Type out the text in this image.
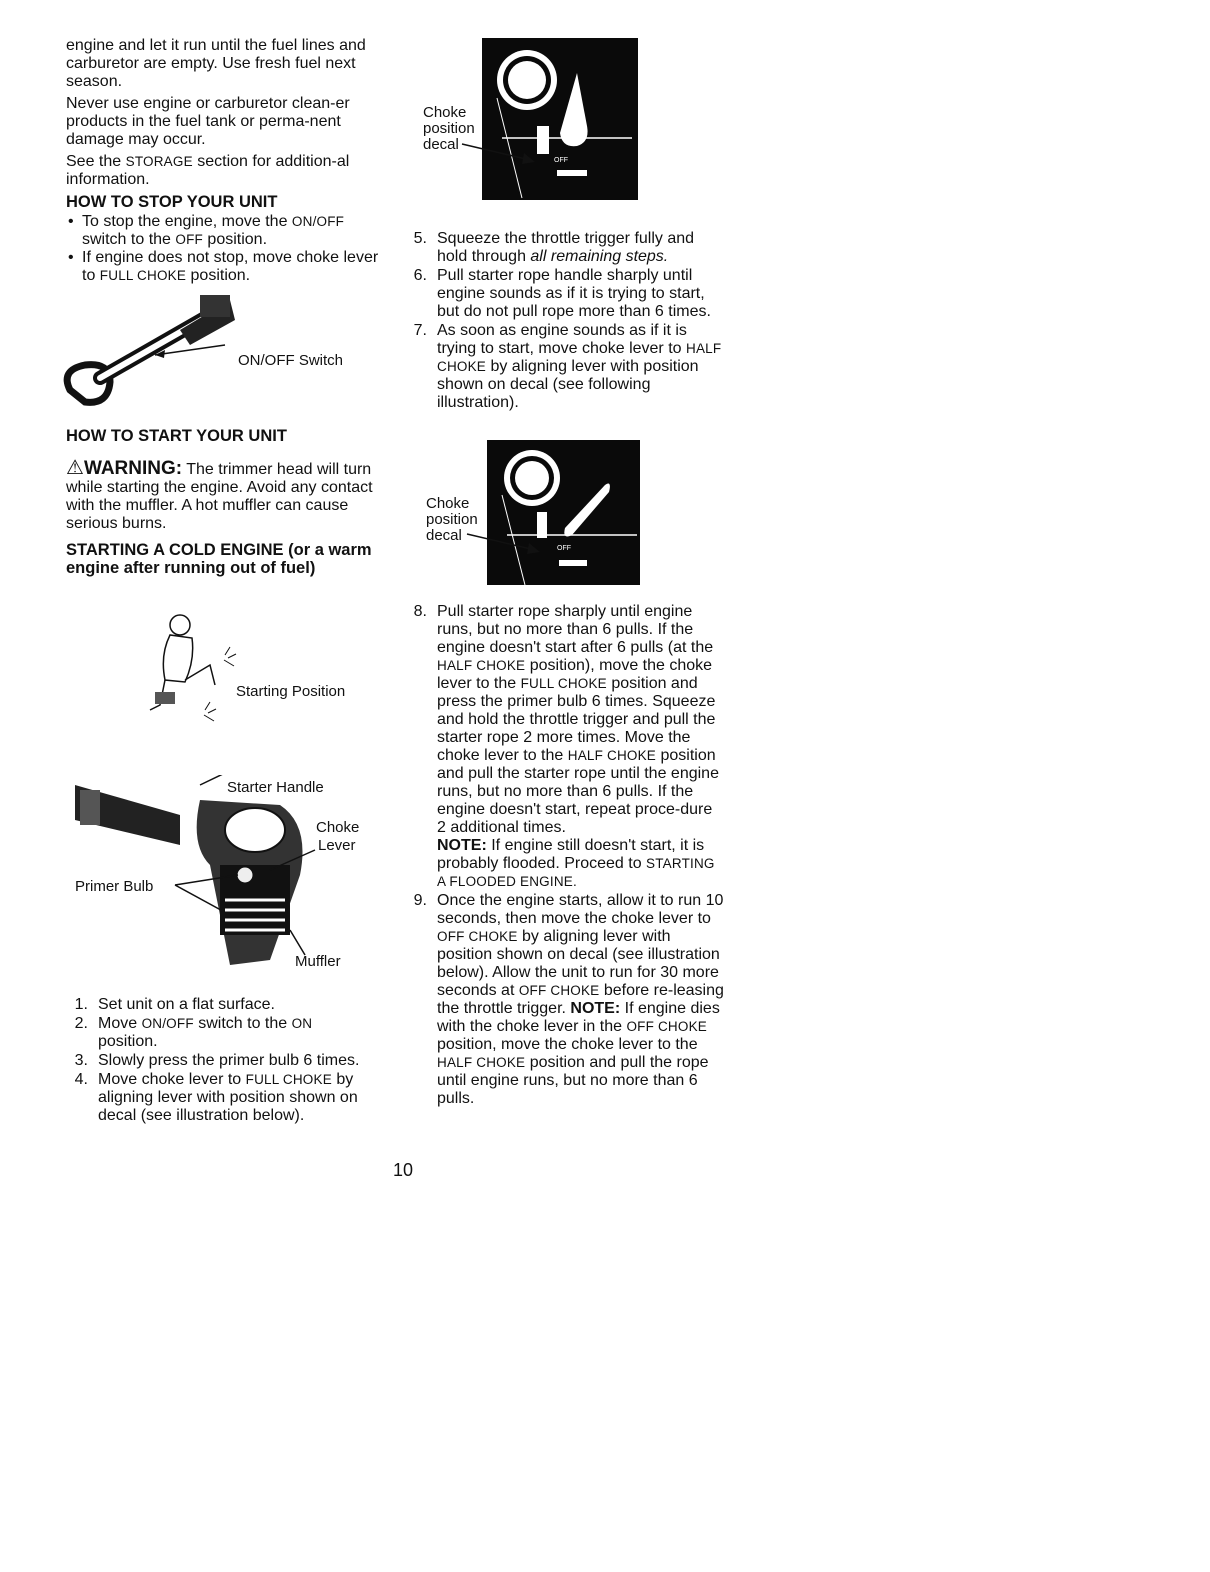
engine and let it run until the fuel lines and carburetor are empty. Use fresh fuel next season.

Never use engine or carburetor clean-er products in the fuel tank or perma-nent damage may occur.

See the STORAGE section for addition-al information.

HOW TO STOP YOUR UNIT

• To stop the engine, move the ON/OFF switch to the OFF position.

• If engine does not stop, move choke lever to FULL CHOKE position.

ON/OFF Switch
HOW TO START YOUR UNIT

⚠WARNING: The trimmer head will turn while starting the engine. Avoid any contact with the muffler. A hot muffler can cause serious burns.

STARTING A COLD ENGINE (or a warm engine after running out of fuel)
Starting Position
Starter Handle
Choke
Lever
Primer Bulb
Muffler
1. Set unit on a flat surface.
2. Move ON/OFF switch to the ON position.
3. Slowly press the primer bulb 6 times.
4. Move choke lever to FULL CHOKE by aligning lever with position shown on decal (see illustration below).
OFF
Choke
position
decal
5. Squeeze the throttle trigger fully and hold through all remaining steps.
6. Pull starter rope handle sharply until engine sounds as if it is trying to start, but do not pull rope more than 6 times.
7. As soon as engine sounds as if it is trying to start, move choke lever to HALF CHOKE by aligning lever with position shown on decal (see following illustration).
OFF
Choke
position
decal
8. Pull starter rope sharply until engine runs, but no more than 6 pulls. If the engine doesn't start after 6 pulls (at the HALF CHOKE position), move the choke lever to the FULL CHOKE position and press the primer bulb 6 times. Squeeze and hold the throttle trigger and pull the starter rope 2 more times. Move the choke lever to the HALF CHOKE position and pull the starter rope until the engine runs, but no more than 6 pulls. If the engine doesn't start, repeat proce-dure 2 additional times.
NOTE: If engine still doesn't start, it is probably flooded. Proceed to STARTING A FLOODED ENGINE.
9. Once the engine starts, allow it to run 10 seconds, then move the choke lever to OFF CHOKE by aligning lever with position shown on decal (see illustration below). Allow the unit to run for 30 more seconds at OFF CHOKE before re-leasing the throttle trigger. NOTE: If engine dies with the choke lever in the OFF CHOKE position, move the choke lever to the HALF CHOKE position and pull the rope until engine runs, but no more than 6 pulls.
10
